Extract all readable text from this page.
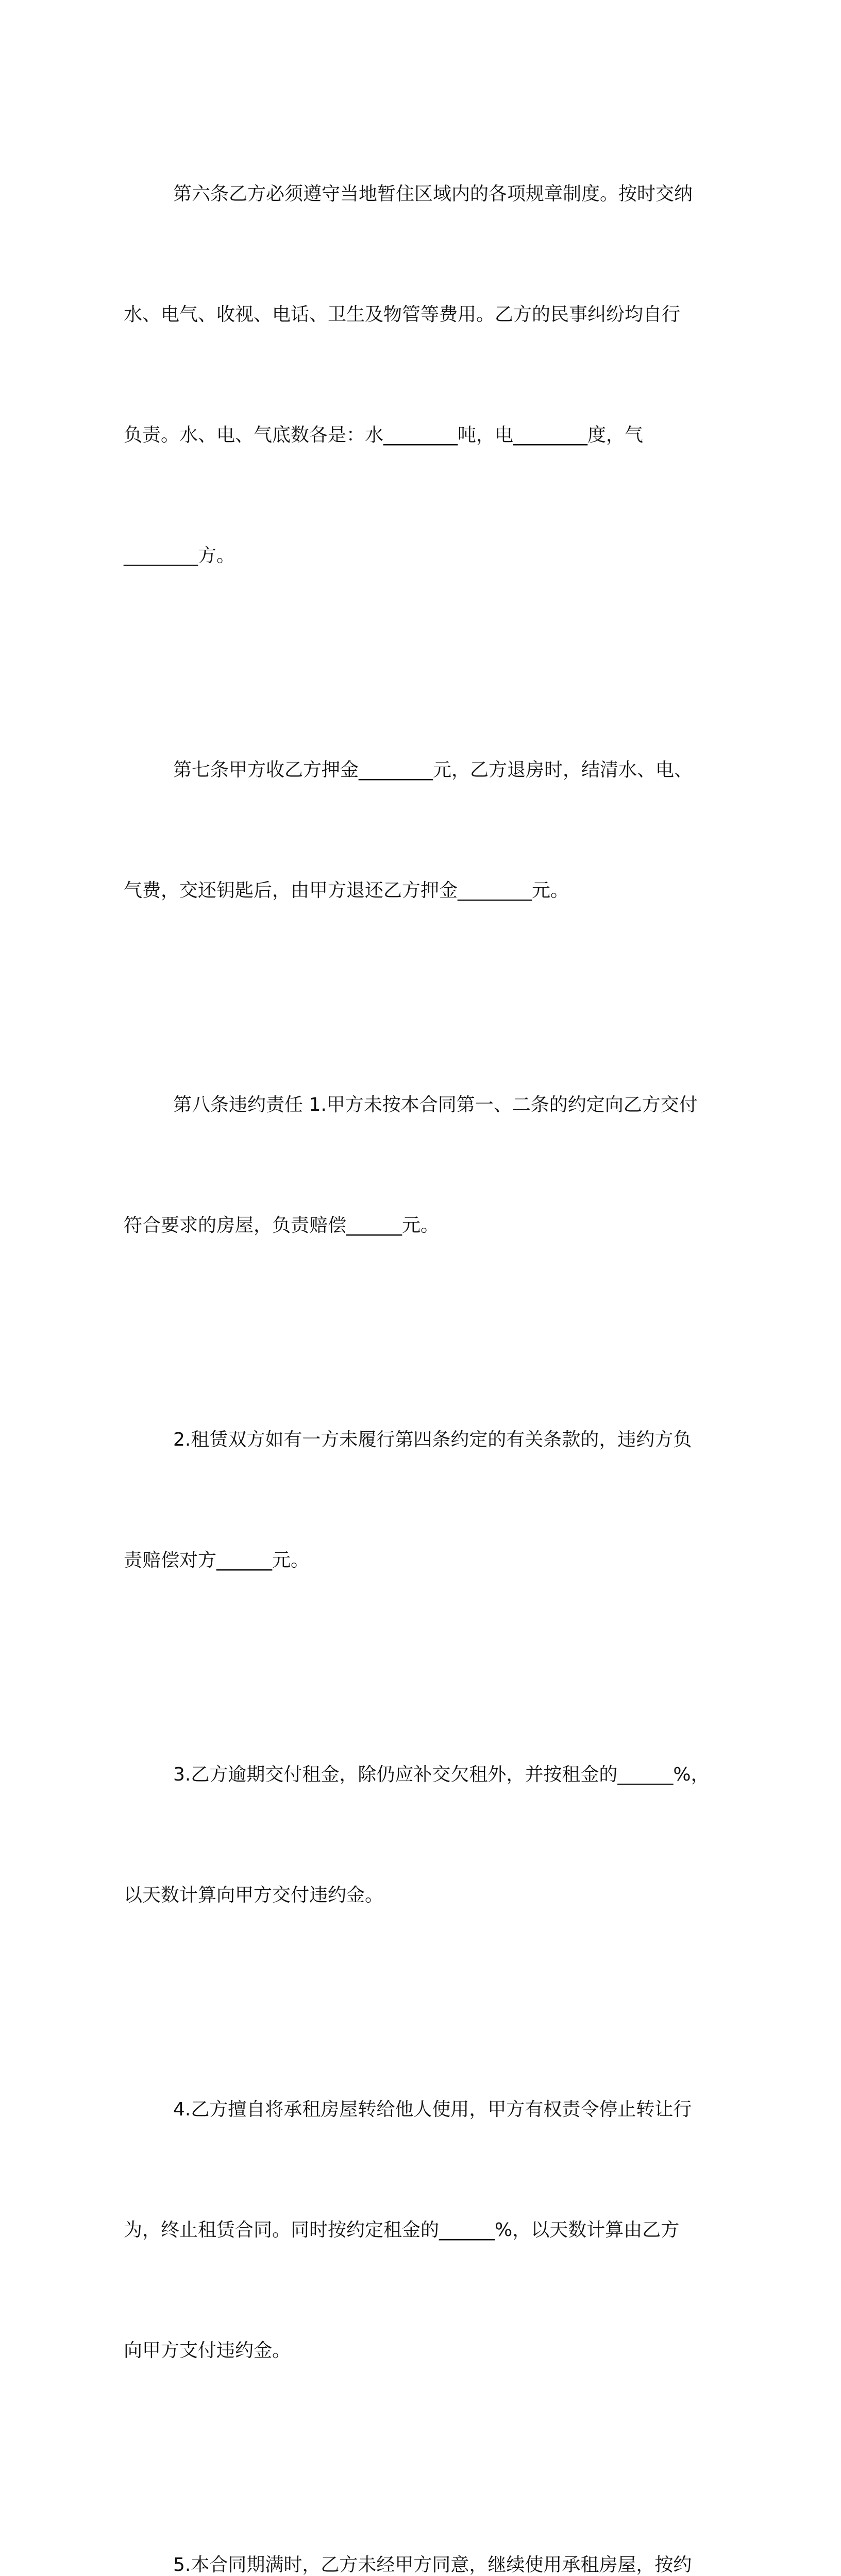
第六条乙方必须遵守当地暂住区域内的各项规章制度。按时交纳

水、电气、收视、电话、卫生及物管等费用。乙方的民事纠纷均自行

负责。水、电、气底数各是：水________吨，电________度，气

________方。

第七条甲方收乙方押金________元，乙方退房时，结清水、电、

气费，交还钥匙后，由甲方退还乙方押金________元。

第八条违约责任 1.甲方未按本合同第一、二条的约定向乙方交付

符合要求的房屋，负责赔偿______元。

2.租赁双方如有一方未履行第四条约定的有关条款的，违约方负

责赔偿对方______元。

3.乙方逾期交付租金，除仍应补交欠租外，并按租金的______%，

以天数计算向甲方交付违约金。

4.乙方擅自将承租房屋转给他人使用，甲方有权责令停止转让行

为，终止租赁合同。同时按约定租金的______%，以天数计算由乙方

向甲方支付违约金。

5.本合同期满时，乙方未经甲方同意，继续使用承租房屋，按约
